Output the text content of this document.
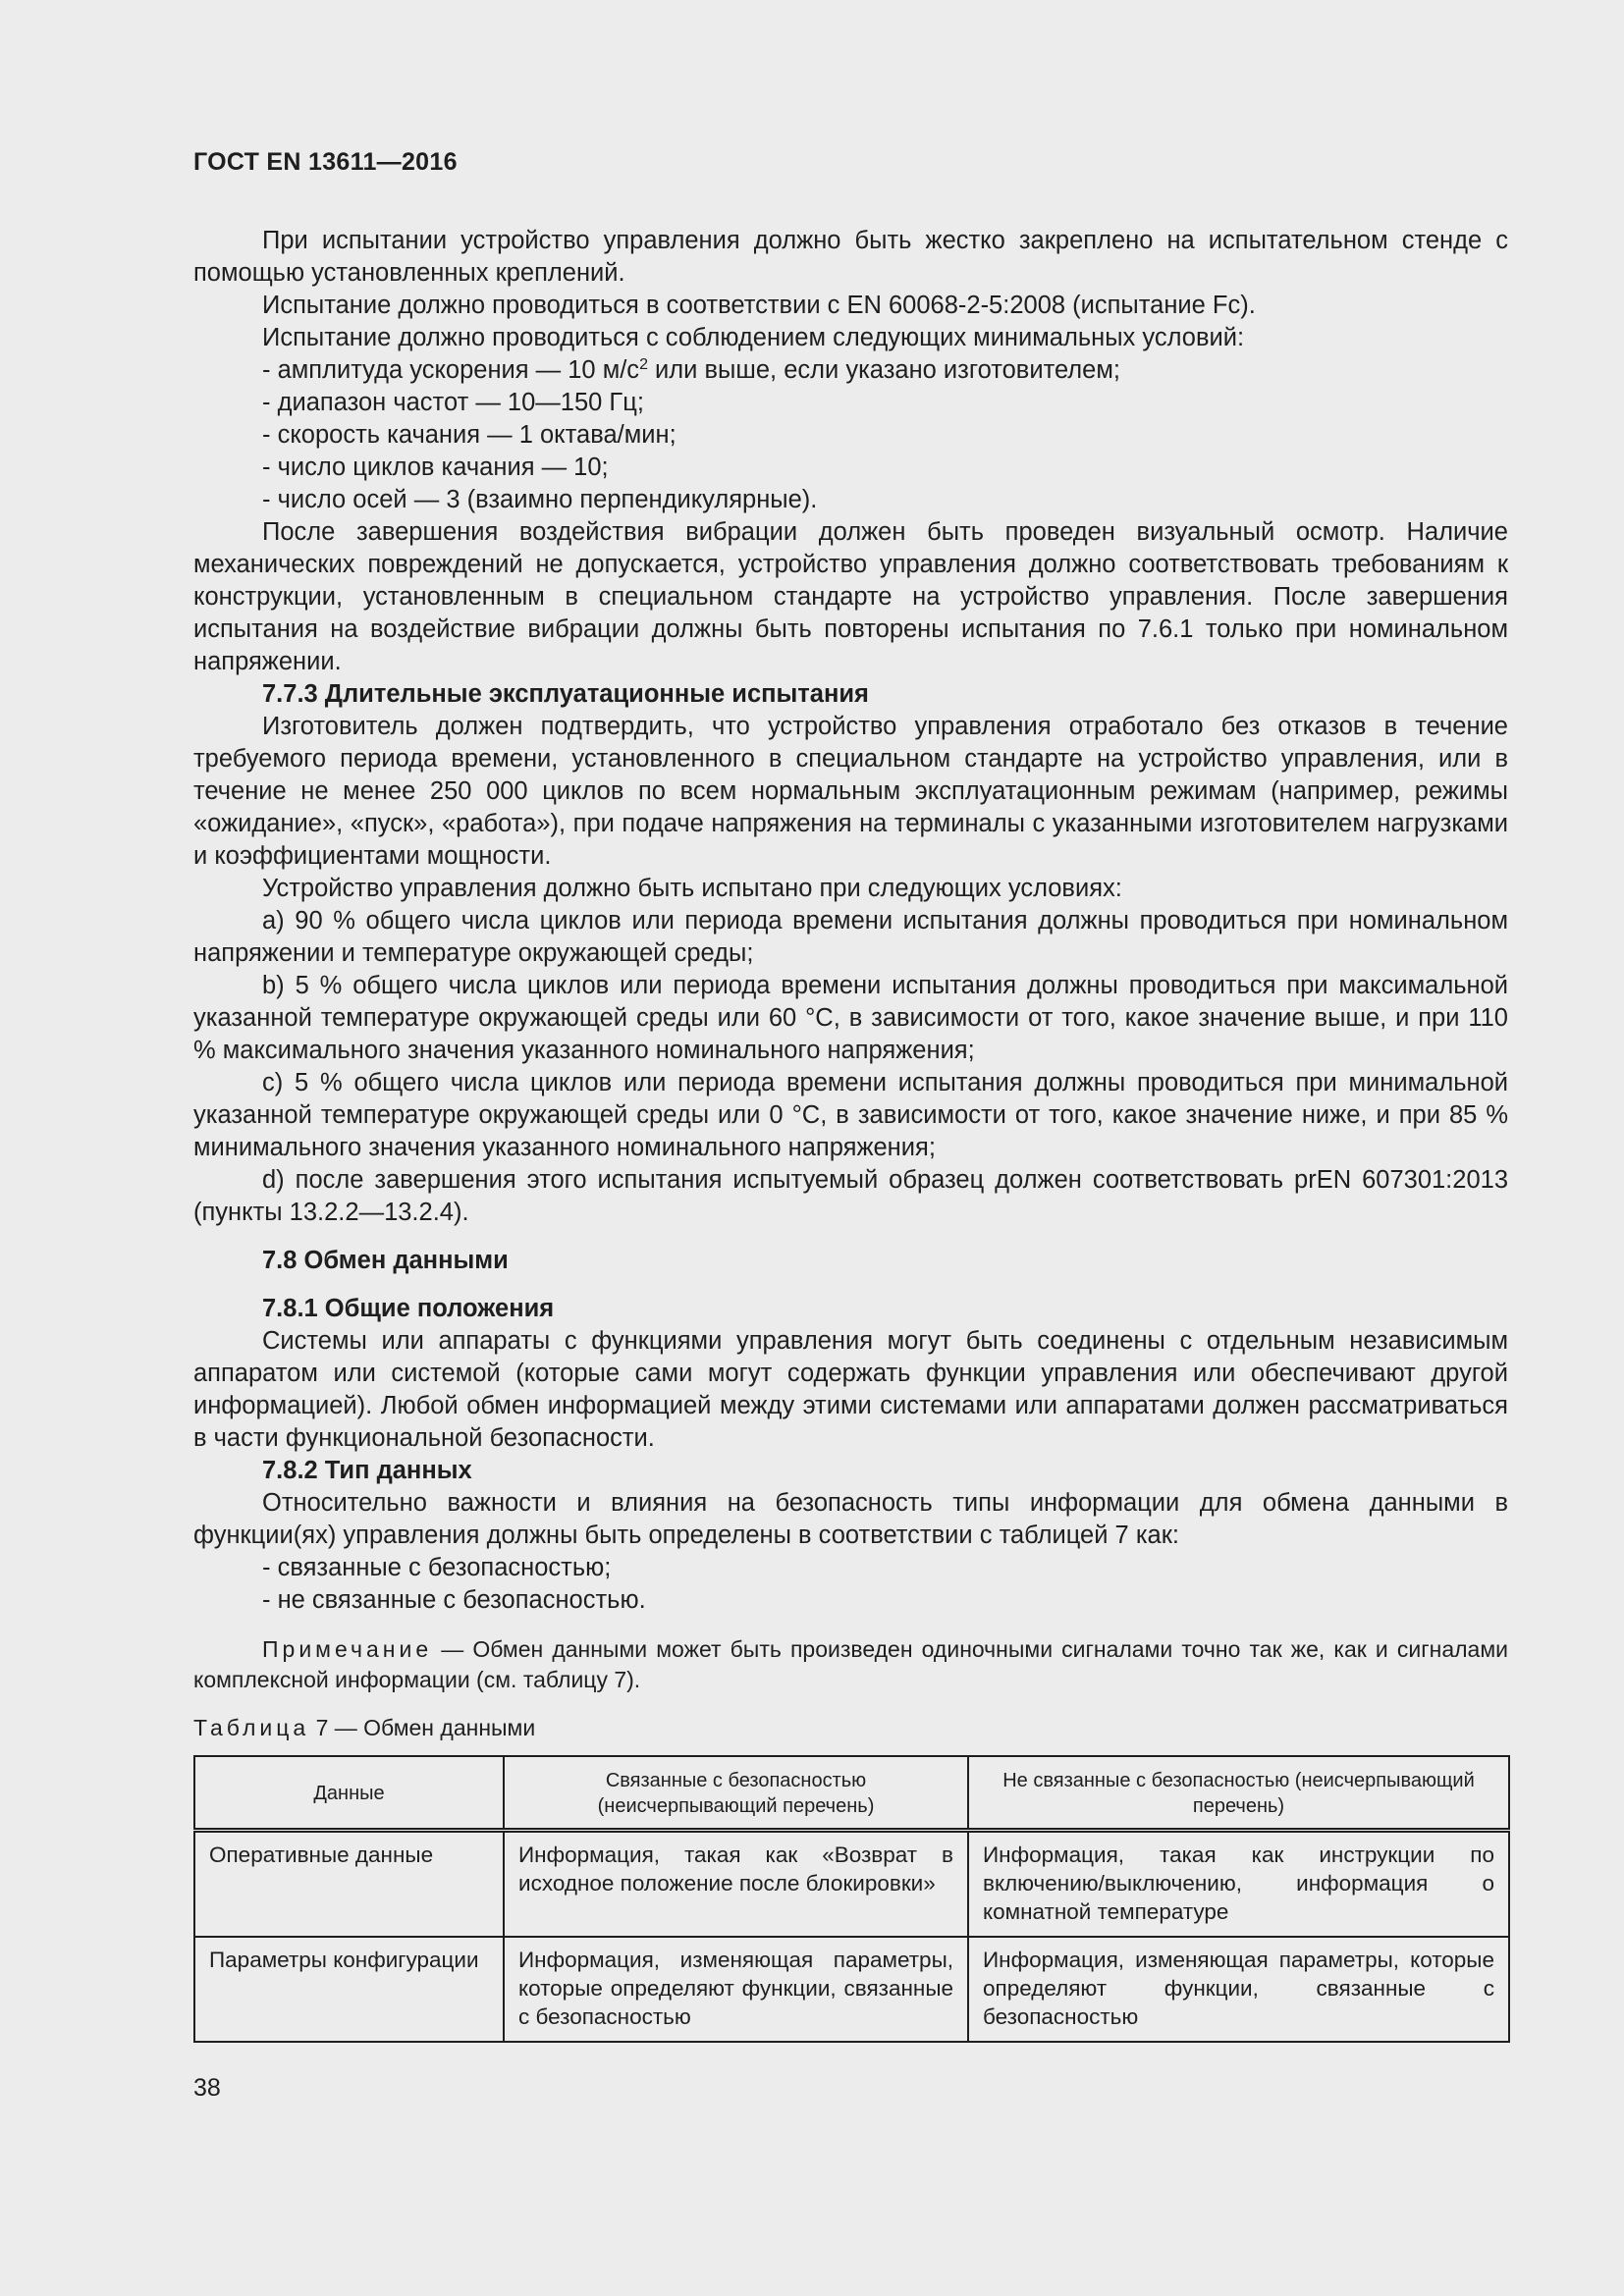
ГОСТ EN 13611—2016

При испытании устройство управления должно быть жестко закреплено на испытательном стенде с помощью установленных креплений.

Испытание должно проводиться в соответствии с EN 60068-2-5:2008 (испытание Fc).

Испытание должно проводиться с соблюдением следующих минимальных условий:

- амплитуда ускорения — 10 $м/с^2$ или выше, если указано изготовителем;

- диапазон частот — 10—150 Гц;

- скорость качания — 1 октава/мин;

- число циклов качания — 10;

- число осей — 3 (взаимно перпендикулярные).

После завершения воздействия вибрации должен быть проведен визуальный осмотр. Наличие механических повреждений не допускается, устройство управления должно соответствовать требованиям к конструкции, установленным в специальном стандарте на устройство управления. После завершения испытания на воздействие вибрации должны быть повторены испытания по 7.6.1 только при номинальном напряжении.

7.7.3 Длительные эксплуатационные испытания

Изготовитель должен подтвердить, что устройство управления отработало без отказов в течение требуемого периода времени, установленного в специальном стандарте на устройство управления, или в течение не менее 250 000 циклов по всем нормальным эксплуатационным режимам (например, режимы «ожидание», «пуск», «работа»), при подаче напряжения на терминалы с указанными изготовителем нагрузками и коэффициентами мощности.

Устройство управления должно быть испытано при следующих условиях:

a) 90 % общего числа циклов или периода времени испытания должны проводиться при номинальном напряжении и температуре окружающей среды;

b) 5 % общего числа циклов или периода времени испытания должны проводиться при максимальной указанной температуре окружающей среды или 60 °С, в зависимости от того, какое значение выше, и при 110 % максимального значения указанного номинального напряжения;

c) 5 % общего числа циклов или периода времени испытания должны проводиться при минимальной указанной температуре окружающей среды или 0 °С, в зависимости от того, какое значение ниже, и при 85 % минимального значения указанного номинального напряжения;

d) после завершения этого испытания испытуемый образец должен соответствовать prEN 607301:2013 (пункты 13.2.2—13.2.4).

7.8 Обмен данными

7.8.1 Общие положения

Системы или аппараты с функциями управления могут быть соединены с отдельным независимым аппаратом или системой (которые сами могут содержать функции управления или обеспечивают другой информацией). Любой обмен информацией между этими системами или аппаратами должен рассматриваться в части функциональной безопасности.

7.8.2 Тип данных

Относительно важности и влияния на безопасность типы информации для обмена данными в функции(ях) управления должны быть определены в соответствии с таблицей 7 как:

- связанные с безопасностью;

- не связанные с безопасностью.

Примечание — Обмен данными может быть произведен одиночными сигналами точно так же, как и сигналами комплексной информации (см. таблицу 7).

Таблица 7 — Обмен данными
Данные	Связанные с безопасностью (неисчерпывающий перечень)	Не связанные с безопасностью (неисчерпывающий перечень)
Оперативные данные	Информация, такая как «Возврат в исходное положение после блокировки»	Информация, такая как инструкции по включению/выключению, информация о комнатной температуре
Параметры конфигурации	Информация, изменяющая параметры, которые определяют функции, связанные с безопасностью	Информация, изменяющая параметры, которые определяют функции, связанные с безопасностью
38
